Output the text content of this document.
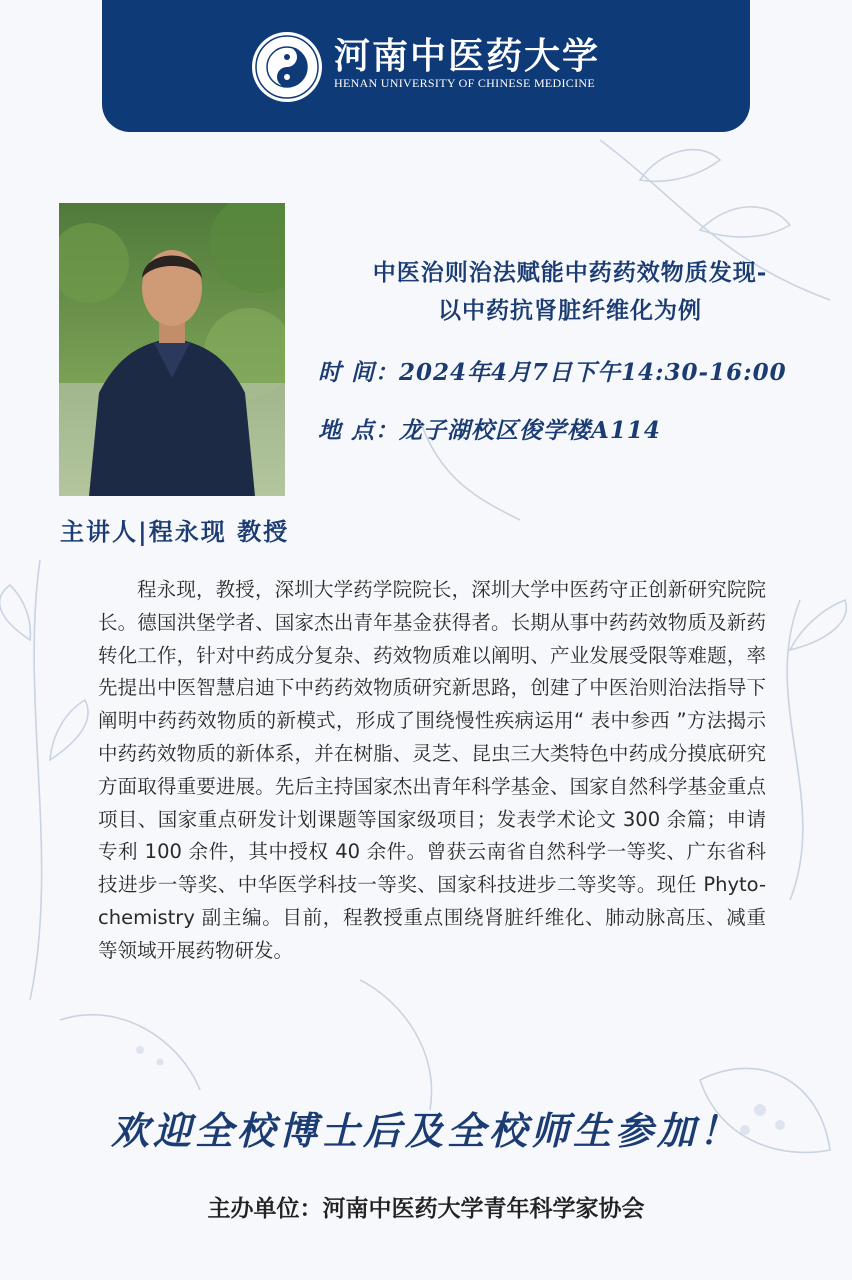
河南中医药大学
HENAN UNIVERSITY OF CHINESE MEDICINE
中医治则治法赋能中药药效物质发现-
以中药抗肾脏纤维化为例
时 间：2024年4月7日下午14:30-16:00
地 点：龙子湖校区俊学楼A114
主讲人|程永现 教授

程永现，教授，深圳大学药学院院长，深圳大学中医药守正创新研究院院长。德国洪堡学者、国家杰出青年基金获得者。长期从事中药药效物质及新药转化工作，针对中药成分复杂、药效物质难以阐明、产业发展受限等难题，率先提出中医智慧启迪下中药药效物质研究新思路，创建了中医治则治法指导下阐明中药药效物质的新模式，形成了围绕慢性疾病运用“ 表中参西 ”方法揭示中药药效物质的新体系，并在树脂、灵芝、昆虫三大类特色中药成分摸底研究方面取得重要进展。先后主持国家杰出青年科学基金、国家自然科学基金重点项目、国家重点研发计划课题等国家级项目；发表学术论文 300 余篇；申请专利 100 余件，其中授权 40 余件。曾获云南省自然科学一等奖、广东省科技进步一等奖、中华医学科技一等奖、国家科技进步二等奖等。现任 Phyto- chemistry 副主编。目前，程教授重点围绕肾脏纤维化、肺动脉高压、减重等领域开展药物研发。

欢迎全校博士后及全校师生参加！
主办单位：河南中医药大学青年科学家协会
